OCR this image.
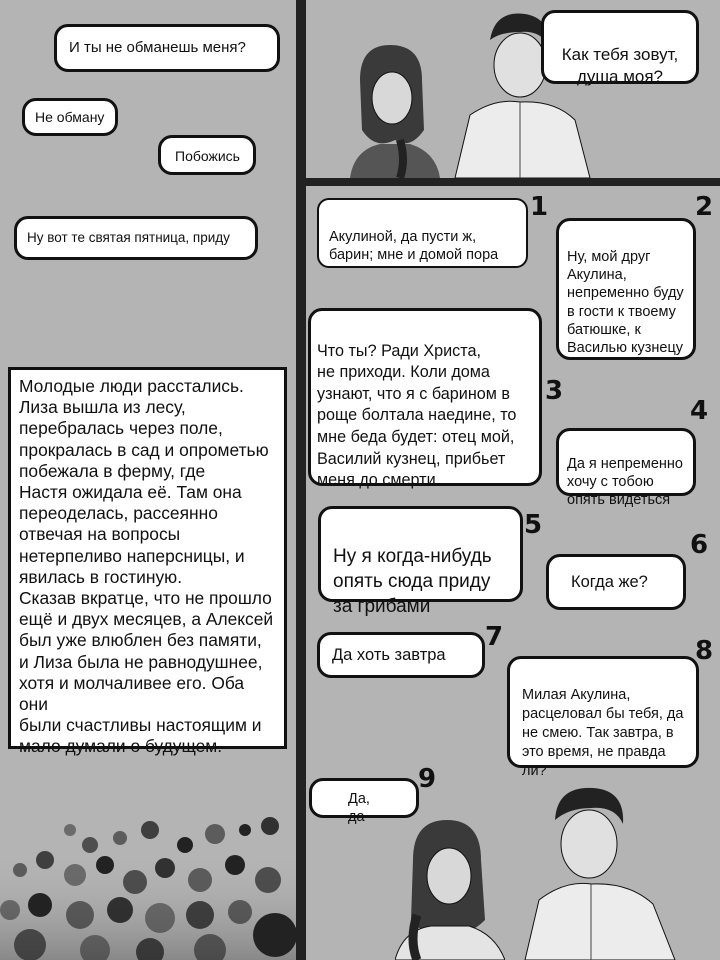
И ты не обманешь меня?
Не обману
Побожись
Ну вот те святая пятница, приду
Молодые люди расстались.
Лиза вышла из лесу,
перебралась через поле,
прокралась в сад и опрометью
побежала в ферму, где
Настя ожидала её. Там она
переоделась, рассеянно
отвечая на вопросы
нетерпеливо наперсницы, и
явилась в гостиную.
Сказав вкратце, что не прошло
ещё и двух месяцев, а Алексей
был уже влюблен без памяти,
и Лиза была не равнодушнее,
хотя и молчаливее его. Оба они
были счастливы настоящим и
мало думали о будущем.

Как тебя зовут,
душа моя?

Акулиной, да пусти ж,
барин; мне и домой пора

1

Ну, мой друг
Акулина,
непременно буду
в гости к твоему
батюшке, к
Василью кузнецу

2

Что ты? Ради Христа,
не приходи. Коли дома
узнают, что я с барином в
роще болтала наедине, то
мне беда будет: отец мой,
Василий кузнец, прибьет
меня до смерти

3

Да я непременно
хочу с тобою
опять видеться

4

Ну я когда-нибудь
опять сюда приду
за грибами

5
Когда же?
6
Да хоть завтра
7

Милая Акулина,
расцеловал бы тебя, да
не смею. Так завтра, в
это время, не правда
ли?

8
Да, да
9
